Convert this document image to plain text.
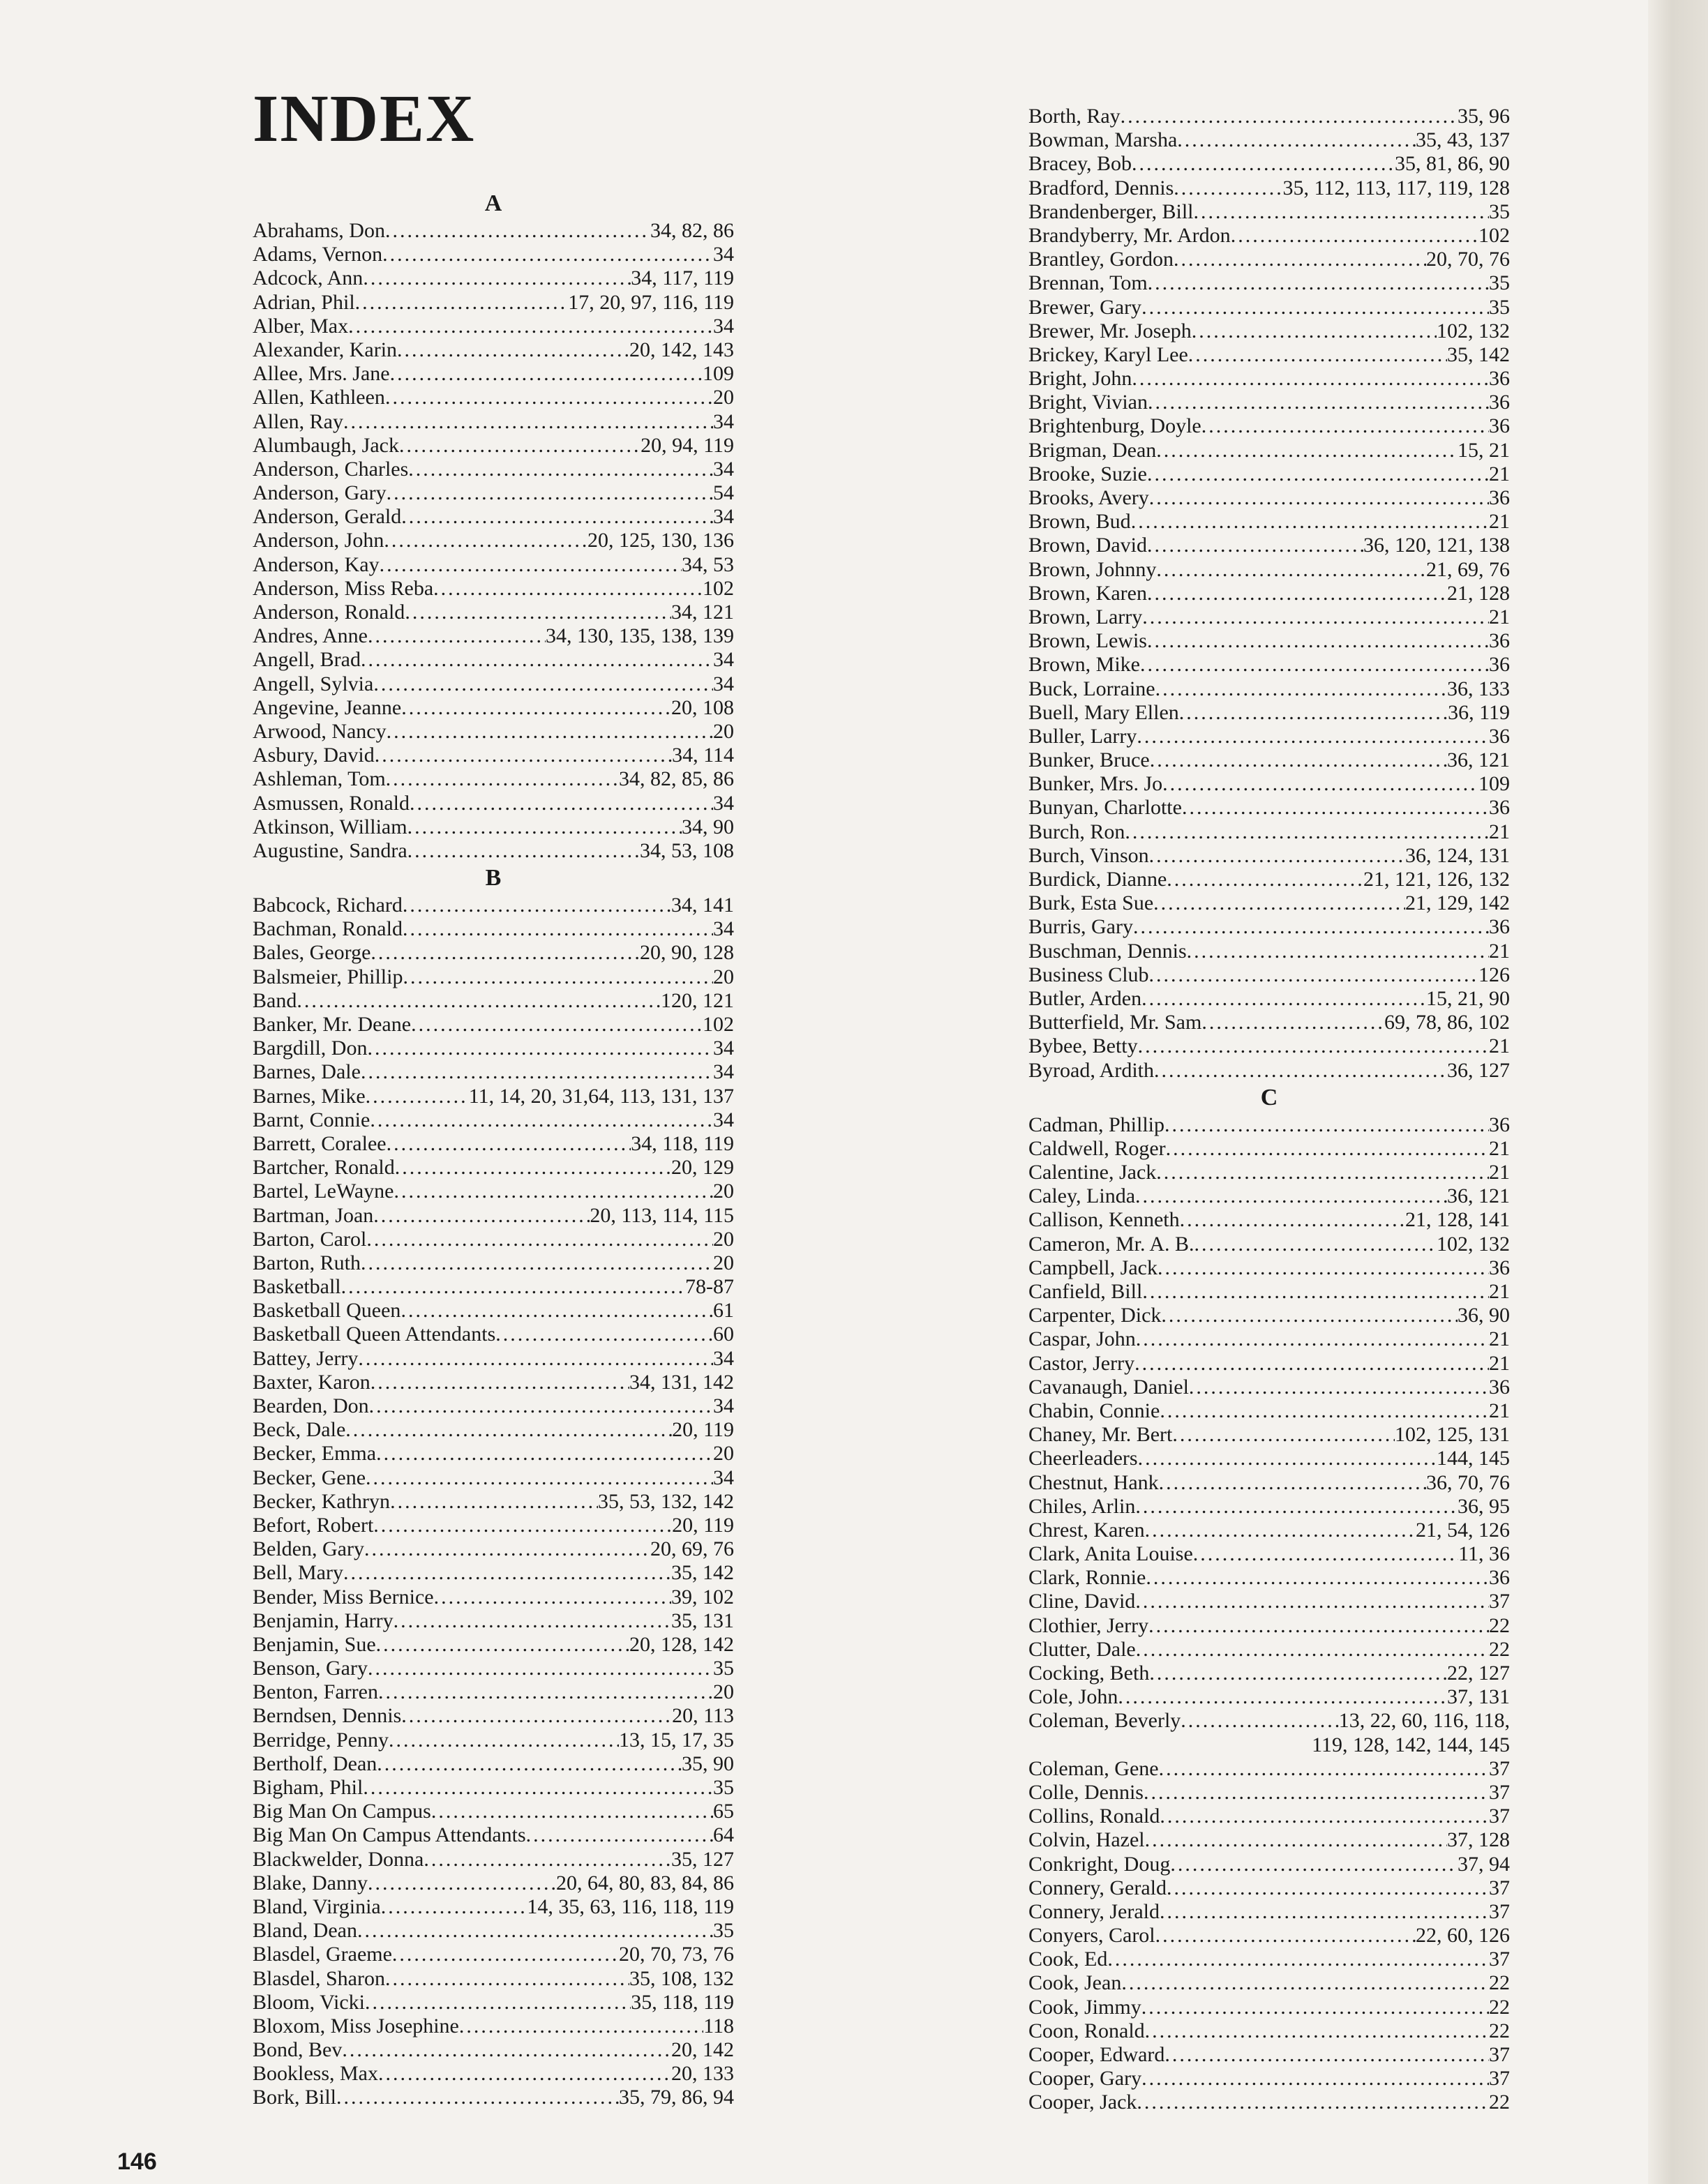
INDEX
A
Abrahams, Don .....	34, 82, 86
Adams, Vernon .....	34
Adcock, Ann .....	34, 117, 119
Adrian, Phil .....	17, 20, 97, 116, 119
Alber, Max .....	34
Alexander, Karin .....	20, 142, 143
Allee, Mrs. Jane .....	109
Allen, Kathleen .....	20
Allen, Ray .....	34
Alumbaugh, Jack .....	20, 94, 119
Anderson, Charles .....	34
Anderson, Gary .....	54
Anderson, Gerald .....	34
Anderson, John .....	20, 125, 130, 136
Anderson, Kay .....	34, 53
Anderson, Miss Reba .....	102
Anderson, Ronald .....	34, 121
Andres, Anne .....	34, 130, 135, 138, 139
Angell, Brad .....	34
Angell, Sylvia .....	34
Angevine, Jeanne .....	20, 108
Arwood, Nancy .....	20
Asbury, David .....	34, 114
Ashleman, Tom .....	34, 82, 85, 86
Asmussen, Ronald .....	34
Atkinson, William .....	34, 90
Augustine, Sandra .....	34, 53, 108
B
Babcock, Richard .....	34, 141
Bachman, Ronald .....	34
Bales, George .....	20, 90, 128
Balsmeier, Phillip .....	20
Band .....	120, 121
Banker, Mr. Deane .....	102
Bargdill, Don .....	34
Barnes, Dale .....	34
Barnes, Mike .....	11, 14, 20, 31,64, 113, 131, 137
Barnt, Connie .....	34
Barrett, Coralee .....	34, 118, 119
Bartcher, Ronald .....	20, 129
Bartel, LeWayne .....	20
Bartman, Joan .....	20, 113, 114, 115
Barton, Carol .....	20
Barton, Ruth .....	20
Basketball .....	78-87
Basketball Queen .....	61
Basketball Queen Attendants .....	60
Battey, Jerry .....	34
Baxter, Karon .....	34, 131, 142
Bearden, Don .....	34
Beck, Dale .....	20, 119
Becker, Emma .....	20
Becker, Gene .....	34
Becker, Kathryn .....	35, 53, 132, 142
Befort, Robert .....	20, 119
Belden, Gary .....	20, 69, 76
Bell, Mary .....	35, 142
Bender, Miss Bernice .....	39, 102
Benjamin, Harry .....	35, 131
Benjamin, Sue .....	20, 128, 142
Benson, Gary .....	35
Benton, Farren .....	20
Berndsen, Dennis .....	20, 113
Berridge, Penny .....	13, 15, 17, 35
Bertholf, Dean .....	35, 90
Bigham, Phil .....	35
Big Man On Campus .....	65
Big Man On Campus Attendants .....	64
Blackwelder, Donna .....	35, 127
Blake, Danny .....	20, 64, 80, 83, 84, 86
Bland, Virginia .....	14, 35, 63, 116, 118, 119
Bland, Dean .....	35
Blasdel, Graeme .....	20, 70, 73, 76
Blasdel, Sharon .....	35, 108, 132
Bloom, Vicki .....	35, 118, 119
Bloxom, Miss Josephine .....	118
Bond, Bev .....	20, 142
Bookless, Max .....	20, 133
Bork, Bill .....	35, 79, 86, 94
Borth, Ray .....	35, 96
Bowman, Marsha .....	35, 43, 137
Bracey, Bob .....	35, 81, 86, 90
Bradford, Dennis .....	35, 112, 113, 117, 119, 128
Brandenberger, Bill .....	35
Brandyberry, Mr. Ardon .....	102
Brantley, Gordon .....	20, 70, 76
Brennan, Tom .....	35
Brewer, Gary .....	35
Brewer, Mr. Joseph .....	102, 132
Brickey, Karyl Lee .....	35, 142
Bright, John .....	36
Bright, Vivian .....	36
Brightenburg, Doyle .....	36
Brigman, Dean .....	15, 21
Brooke, Suzie .....	21
Brooks, Avery .....	36
Brown, Bud .....	21
Brown, David .....	36, 120, 121, 138
Brown, Johnny .....	21, 69, 76
Brown, Karen .....	21, 128
Brown, Larry .....	21
Brown, Lewis .....	36
Brown, Mike .....	36
Buck, Lorraine .....	36, 133
Buell, Mary Ellen .....	36, 119
Buller, Larry .....	36
Bunker, Bruce .....	36, 121
Bunker, Mrs. Jo .....	109
Bunyan, Charlotte .....	36
Burch, Ron .....	21
Burch, Vinson .....	36, 124, 131
Burdick, Dianne .....	21, 121, 126, 132
Burk, Esta Sue .....	21, 129, 142
Burris, Gary .....	36
Buschman, Dennis .....	21
Business Club .....	126
Butler, Arden .....	15, 21, 90
Butterfield, Mr. Sam .....	69, 78, 86, 102
Bybee, Betty .....	21
Byroad, Ardith .....	36, 127
C
Cadman, Phillip .....	36
Caldwell, Roger .....	21
Calentine, Jack .....	21
Caley, Linda .....	36, 121
Callison, Kenneth .....	21, 128, 141
Cameron, Mr. A. B. .....	102, 132
Campbell, Jack .....	36
Canfield, Bill .....	21
Carpenter, Dick .....	36, 90
Caspar, John .....	21
Castor, Jerry .....	21
Cavanaugh, Daniel .....	36
Chabin, Connie .....	21
Chaney, Mr. Bert .....	102, 125, 131
Cheerleaders .....	144, 145
Chestnut, Hank .....	36, 70, 76
Chiles, Arlin .....	36, 95
Chrest, Karen .....	21, 54, 126
Clark, Anita Louise .....	11, 36
Clark, Ronnie .....	36
Cline, David .....	37
Clothier, Jerry .....	22
Clutter, Dale .....	22
Cocking, Beth .....	22, 127
Cole, John .....	37, 131
Coleman, Beverly .....	13, 22, 60, 116, 118,
119, 128, 142, 144, 145
Coleman, Gene .....	37
Colle, Dennis .....	37
Collins, Ronald .....	37
Colvin, Hazel .....	37, 128
Conkright, Doug .....	37, 94
Connery, Gerald .....	37
Connery, Jerald .....	37
Conyers, Carol .....	22, 60, 126
Cook, Ed .....	37
Cook, Jean .....	22
Cook, Jimmy .....	22
Coon, Ronald .....	22
Cooper, Edward .....	37
Cooper, Gary .....	37
Cooper, Jack .....	22
146
